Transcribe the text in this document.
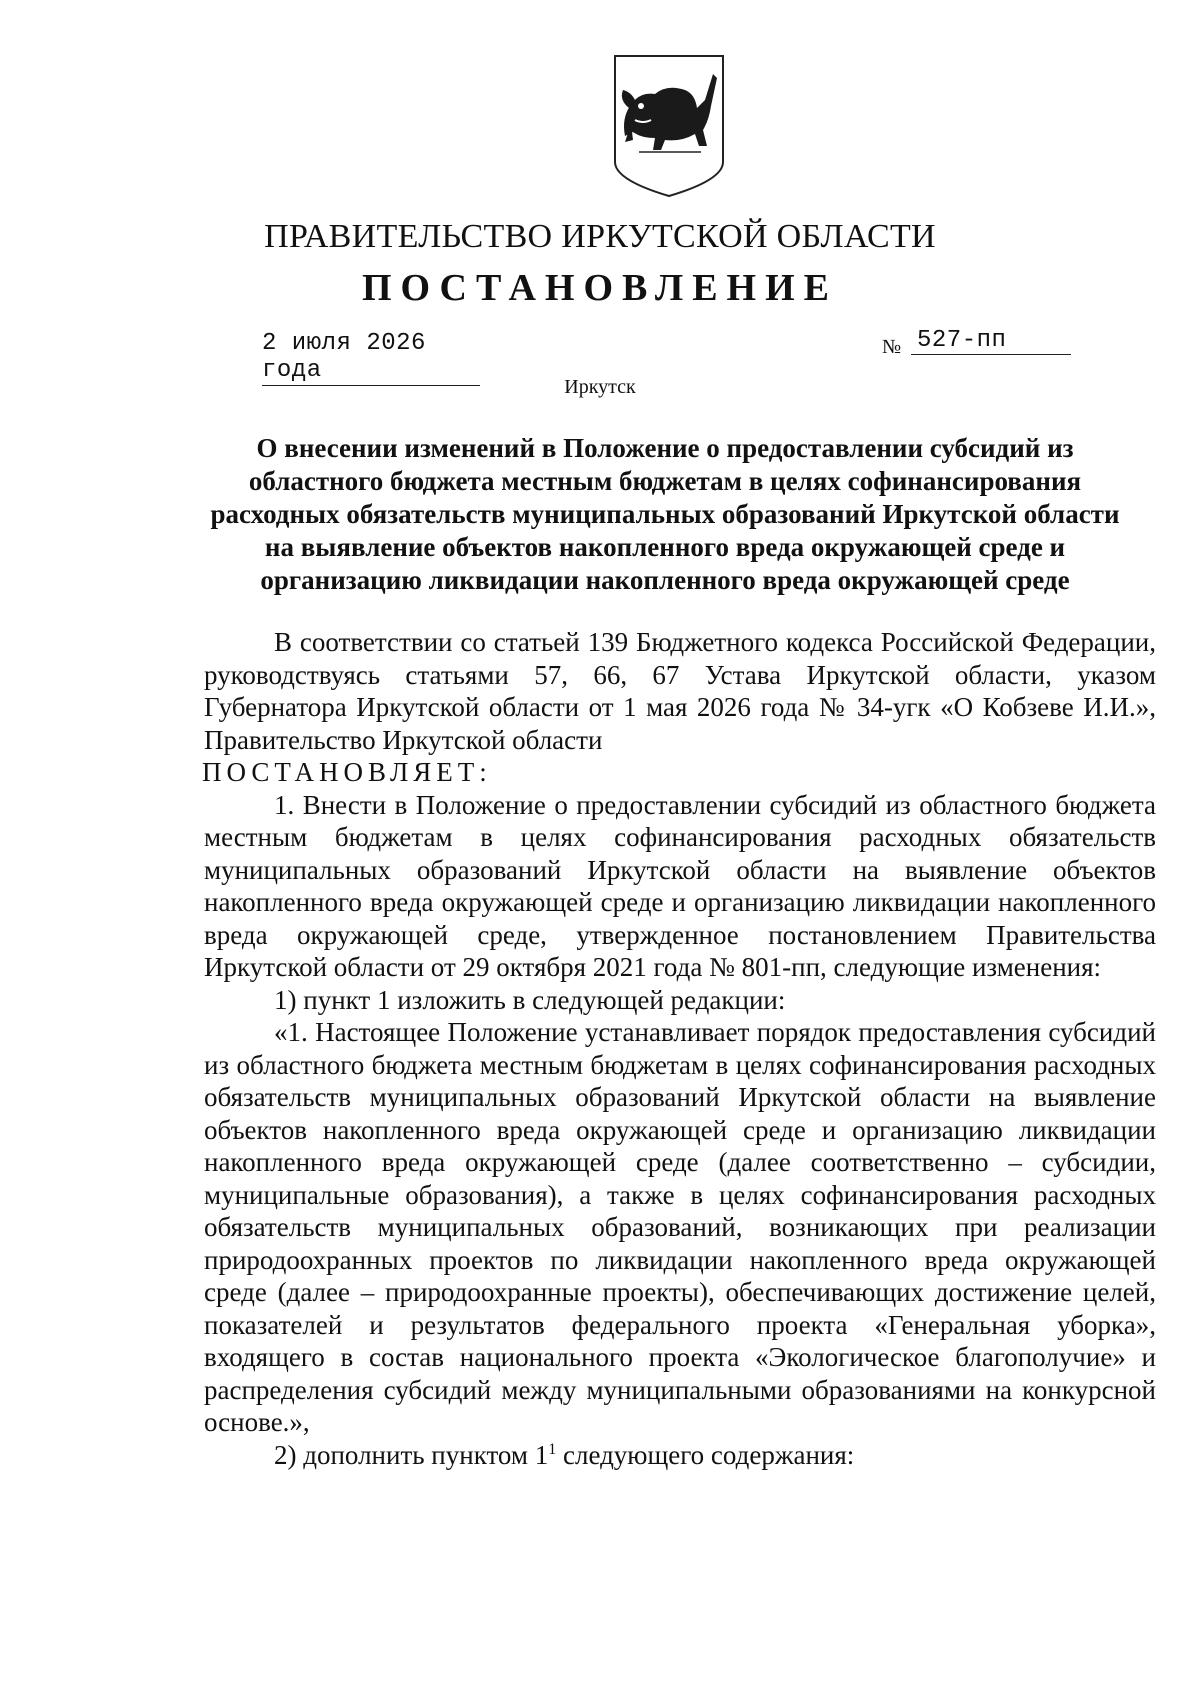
ПРАВИТЕЛЬСТВО ИРКУТСКОЙ ОБЛАСТИ
ПОСТАНОВЛЕНИЕ
2 июля 2026 года
№ 527-пп
Иркутск
О внесении изменений в Положение о предоставлении субсидий из областного бюджета местным бюджетам в целях софинансирования расходных обязательств муниципальных образований Иркутской области на выявление объектов накопленного вреда окружающей среде и организацию ликвидации накопленного вреда окружающей среде

В соответствии со статьей 139 Бюджетного кодекса Российской Федерации, руководствуясь статьями 57, 66, 67 Устава Иркутской области, указом Губернатора Иркутской области от 1 мая 2026 года № 34-угк «О Кобзеве И.И.», Правительство Иркутской области

ПОСТАНОВЛЯЕТ:

1. Внести в Положение о предоставлении субсидий из областного бюджета местным бюджетам в целях софинансирования расходных обязательств муниципальных образований Иркутской области на выявление объектов накопленного вреда окружающей среде и организацию ликвидации накопленного вреда окружающей среде, утвержденное постановлением Правительства Иркутской области от 29 октября 2021 года № 801-пп, следующие изменения:

1) пункт 1 изложить в следующей редакции:

«1. Настоящее Положение устанавливает порядок предоставления субсидий из областного бюджета местным бюджетам в целях софинансирования расходных обязательств муниципальных образований Иркутской области на выявление объектов накопленного вреда окружающей среде и организацию ликвидации накопленного вреда окружающей среде (далее соответственно – субсидии, муниципальные образования), а также в целях софинансирования расходных обязательств муниципальных образований, возникающих при реализации природоохранных проектов по ликвидации накопленного вреда окружающей среде (далее – природоохранные проекты), обеспечивающих достижение целей, показателей и результатов федерального проекта «Генеральная уборка», входящего в состав национального проекта «Экологическое благополучие» и распределения субсидий между муниципальными образованиями на конкурсной основе.»,

2) дополнить пунктом $1^1$ следующего содержания:
